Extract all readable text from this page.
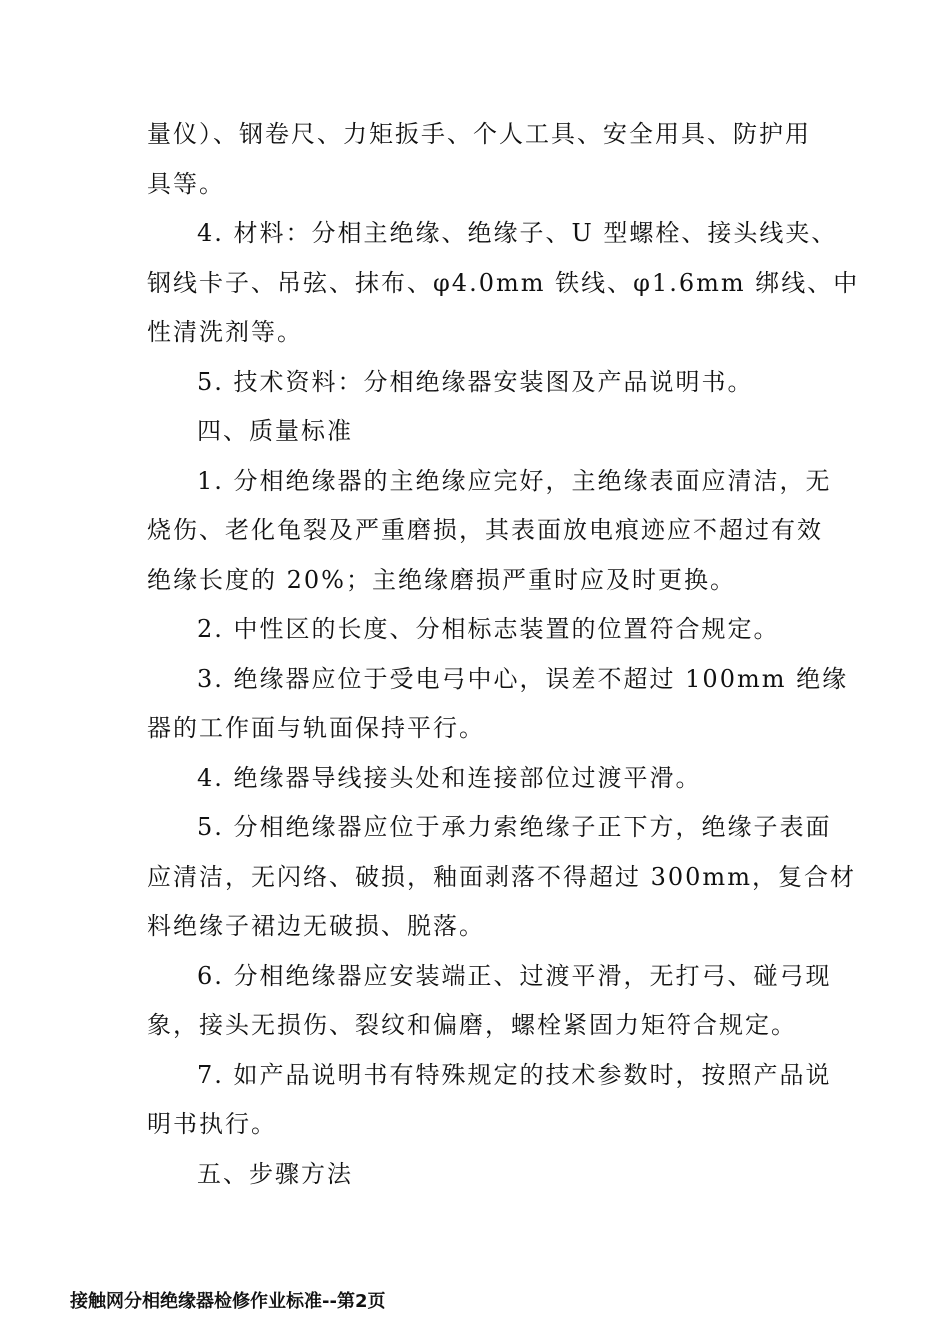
量仪）、钢卷尺、力矩扳手、个人工具、安全用具、防护用
具等。
4. 材料：分相主绝缘、绝缘子、U 型螺栓、接头线夹、
钢线卡子、吊弦、抹布、φ4.0mm 铁线、φ1.6mm 绑线、中
性清洗剂等。
5. 技术资料：分相绝缘器安装图及产品说明书。
四、质量标准
1. 分相绝缘器的主绝缘应完好，主绝缘表面应清洁，无
烧伤、老化龟裂及严重磨损，其表面放电痕迹应不超过有效
绝缘长度的 20%；主绝缘磨损严重时应及时更换。
2. 中性区的长度、分相标志装置的位置符合规定。
3. 绝缘器应位于受电弓中心，误差不超过 100mm 绝缘
器的工作面与轨面保持平行。
4. 绝缘器导线接头处和连接部位过渡平滑。
5. 分相绝缘器应位于承力索绝缘子正下方，绝缘子表面
应清洁，无闪络、破损，釉面剥落不得超过 300mm，复合材
料绝缘子裙边无破损、脱落。
6. 分相绝缘器应安装端正、过渡平滑，无打弓、碰弓现
象，接头无损伤、裂纹和偏磨，螺栓紧固力矩符合规定。
7. 如产品说明书有特殊规定的技术参数时，按照产品说
明书执行。
五、步骤方法
接触网分相绝缘器检修作业标准--第2页
